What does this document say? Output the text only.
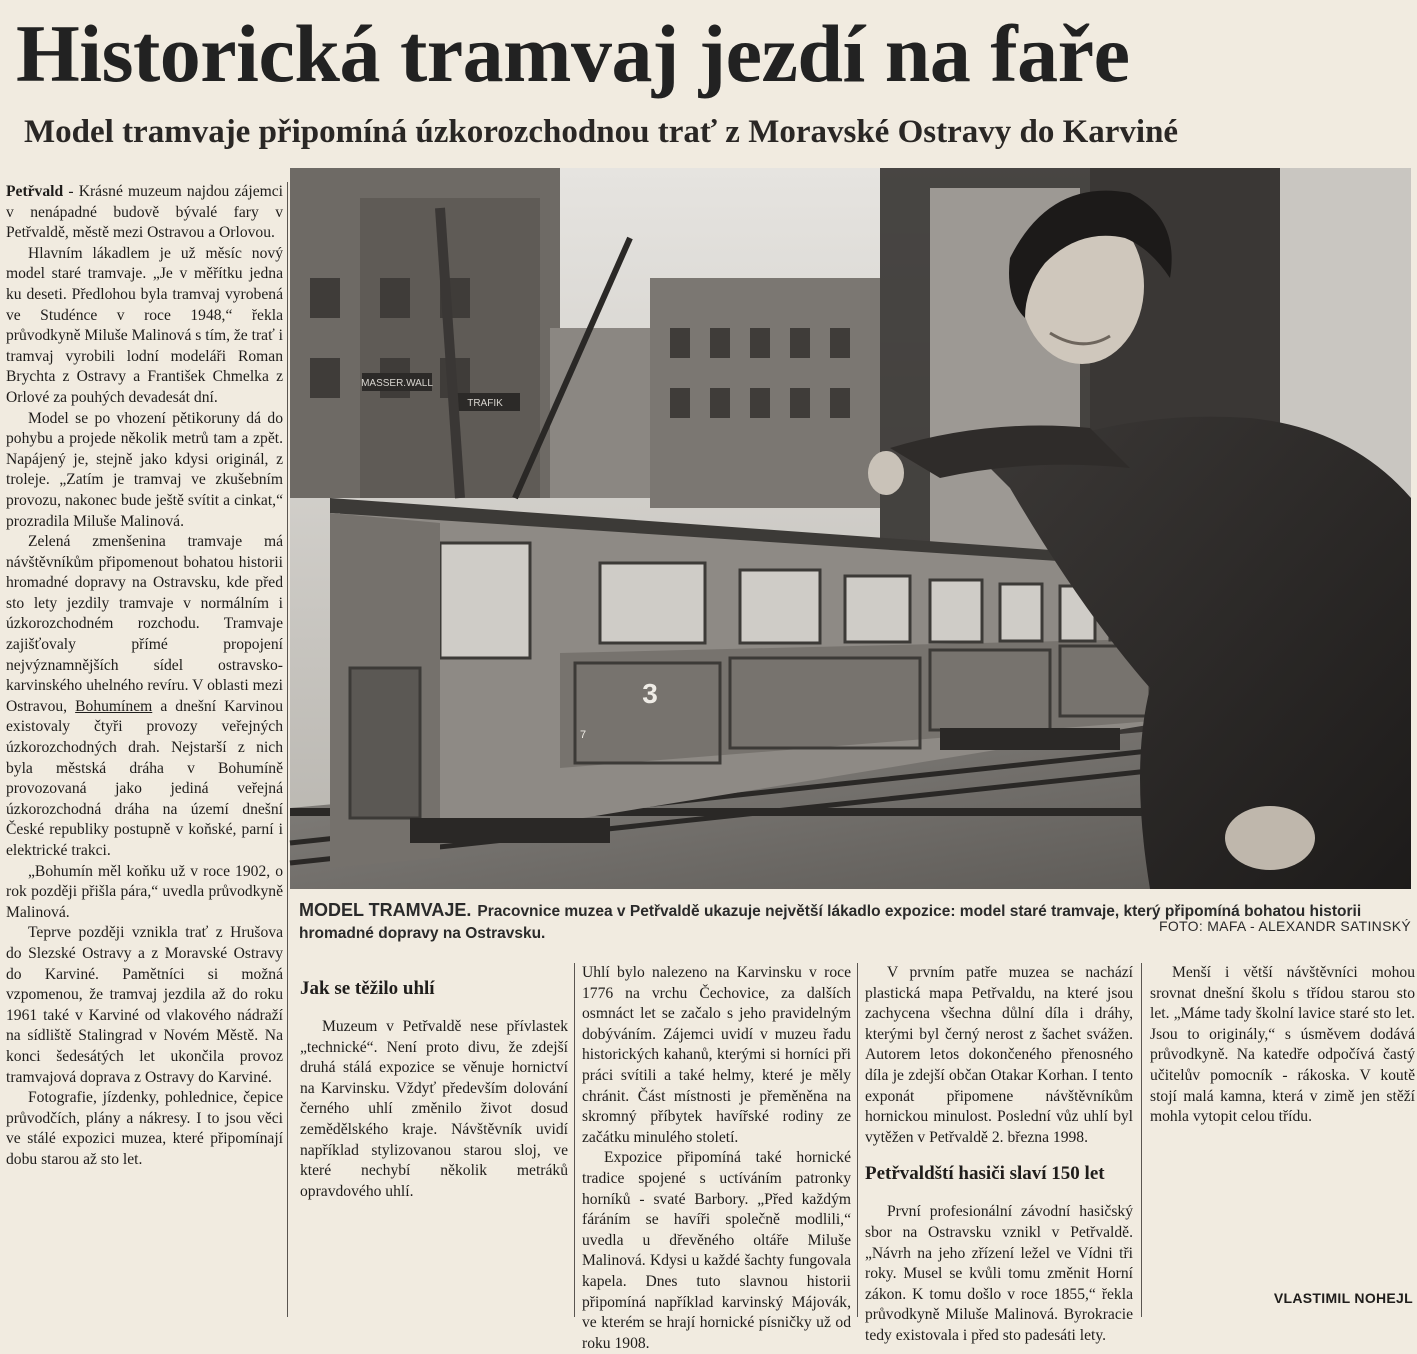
Historická tramvaj jezdí na faře
Model tramvaje připomíná úzkorozchodnou trať z Moravské Ostravy do Karviné
MASSER.WALL
TRAFIK
3
7
MODEL TRAMVAJE. Pracovnice muzea v Petřvaldě ukazuje největší lákadlo expozice: model staré tramvaje, který připomíná bohatou historii hromadné dopravy na Ostravsku.	FOTO: MAFA - ALEXANDR SATINSKÝ

Petřvald - Krásné muzeum najdou zájemci v nenápadné budově bývalé fary v Petřvaldě, městě mezi Ostravou a Orlovou.

Hlavním lákadlem je už měsíc nový model staré tramvaje. „Je v měřítku jedna ku deseti. Předlohou byla tramvaj vyrobená ve Studénce v roce 1948,“ řekla průvodkyně Miluše Malinová s tím, že trať i tramvaj vyrobili lodní modeláři Roman Brychta z Ostravy a František Chmelka z Orlové za pouhých devadesát dní.

Model se po vhození pětikoruny dá do pohybu a projede několik metrů tam a zpět. Napájený je, stejně jako kdysi originál, z troleje. „Zatím je tramvaj ve zkušebním provozu, nakonec bude ještě svítit a cinkat,“ prozradila Miluše Malinová.

Zelená zmenšenina tramvaje má návštěvníkům připomenout bohatou historii hromadné dopravy na Ostravsku, kde před sto lety jezdily tramvaje v normálním i úzkorozchodném rozchodu. Tramvaje zajišťovaly přímé propojení nejvýznamnějších sídel ostravsko-karvinského uhelného revíru. V oblasti mezi Ostravou, Bohumínem a dnešní Karvinou existovaly čtyři provozy veřejných úzkorozchodných drah. Nejstarší z nich byla městská dráha v Bohumíně provozovaná jako jediná veřejná úzkorozchodná dráha na území dnešní České republiky postupně v koňské, parní i elektrické trakci.

„Bohumín měl koňku už v roce 1902, o rok později přišla pára,“ uvedla průvodkyně Malinová.

Teprve později vznikla trať z Hrušova do Slezské Ostravy a z Moravské Ostravy do Karviné. Pamětníci si možná vzpomenou, že tramvaj jezdila až do roku 1961 také v Karviné od vlakového nádraží na sídliště Stalingrad v Novém Městě. Na konci šedesátých let ukončila provoz tramvajová doprava z Ostravy do Karviné.

Fotografie, jízdenky, pohlednice, čepice průvodčích, plány a nákresy. I to jsou věci ve stálé expozici muzea, které připomínají dobu starou až sto let.

Jak se těžilo uhlí

Muzeum v Petřvaldě nese přívlastek „technické“. Není proto divu, že zdejší druhá stálá expozice se věnuje hornictví na Karvinsku. Vždyť především dolování černého uhlí změnilo život dosud zemědělského kraje. Návštěvník uvidí například stylizovanou starou sloj, ve které nechybí několik metráků opravdového uhlí.

Uhlí bylo nalezeno na Karvinsku v roce 1776 na vrchu Čechovice, za dalších osmnáct let se začalo s jeho pravidelným dobýváním. Zájemci uvidí v muzeu řadu historických kahanů, kterými si horníci při práci svítili a také helmy, které je měly chránit. Část místnosti je přeměněna na skromný příbytek havířské rodiny ze začátku minulého století.

Expozice připomíná také hornické tradice spojené s uctíváním patronky horníků - svaté Barbory. „Před každým fáráním se havíři společně modlili,“ uvedla u dřevěného oltáře Miluše Malinová. Kdysi u každé šachty fungovala kapela. Dnes tuto slavnou historii připomíná například karvinský Májovák, ve kterém se hrají hornické písničky už od roku 1908.

V prvním patře muzea se nachází plastická mapa Petřvaldu, na které jsou zachycena všechna důlní díla i dráhy, kterými byl černý nerost z šachet svážen. Autorem letos dokončeného přenosného díla je zdejší občan Otakar Korhan. I tento exponát připomene návštěvníkům hornickou minulost. Poslední vůz uhlí byl vytěžen v Petřvaldě 2. března 1998.

Petřvaldští hasiči slaví 150 let

První profesionální závodní hasičský sbor na Ostravsku vznikl v Petřvaldě. „Návrh na jeho zřízení ležel ve Vídni tři roky. Musel se kvůli tomu změnit Horní zákon. K tomu došlo v roce 1855,“ řekla průvodkyně Miluše Malinová. Byrokracie tedy existovala i před sto padesáti lety.

Menší i větší návštěvníci mohou srovnat dnešní školu s třídou starou sto let. „Máme tady školní lavice staré sto let. Jsou to originály,“ s úsměvem dodává průvodkyně. Na katedře odpočívá častý učitelův pomocník - rákoska. V koutě stojí malá kamna, která v zimě jen stěží mohla vytopit celou třídu.

VLASTIMIL NOHEJL
